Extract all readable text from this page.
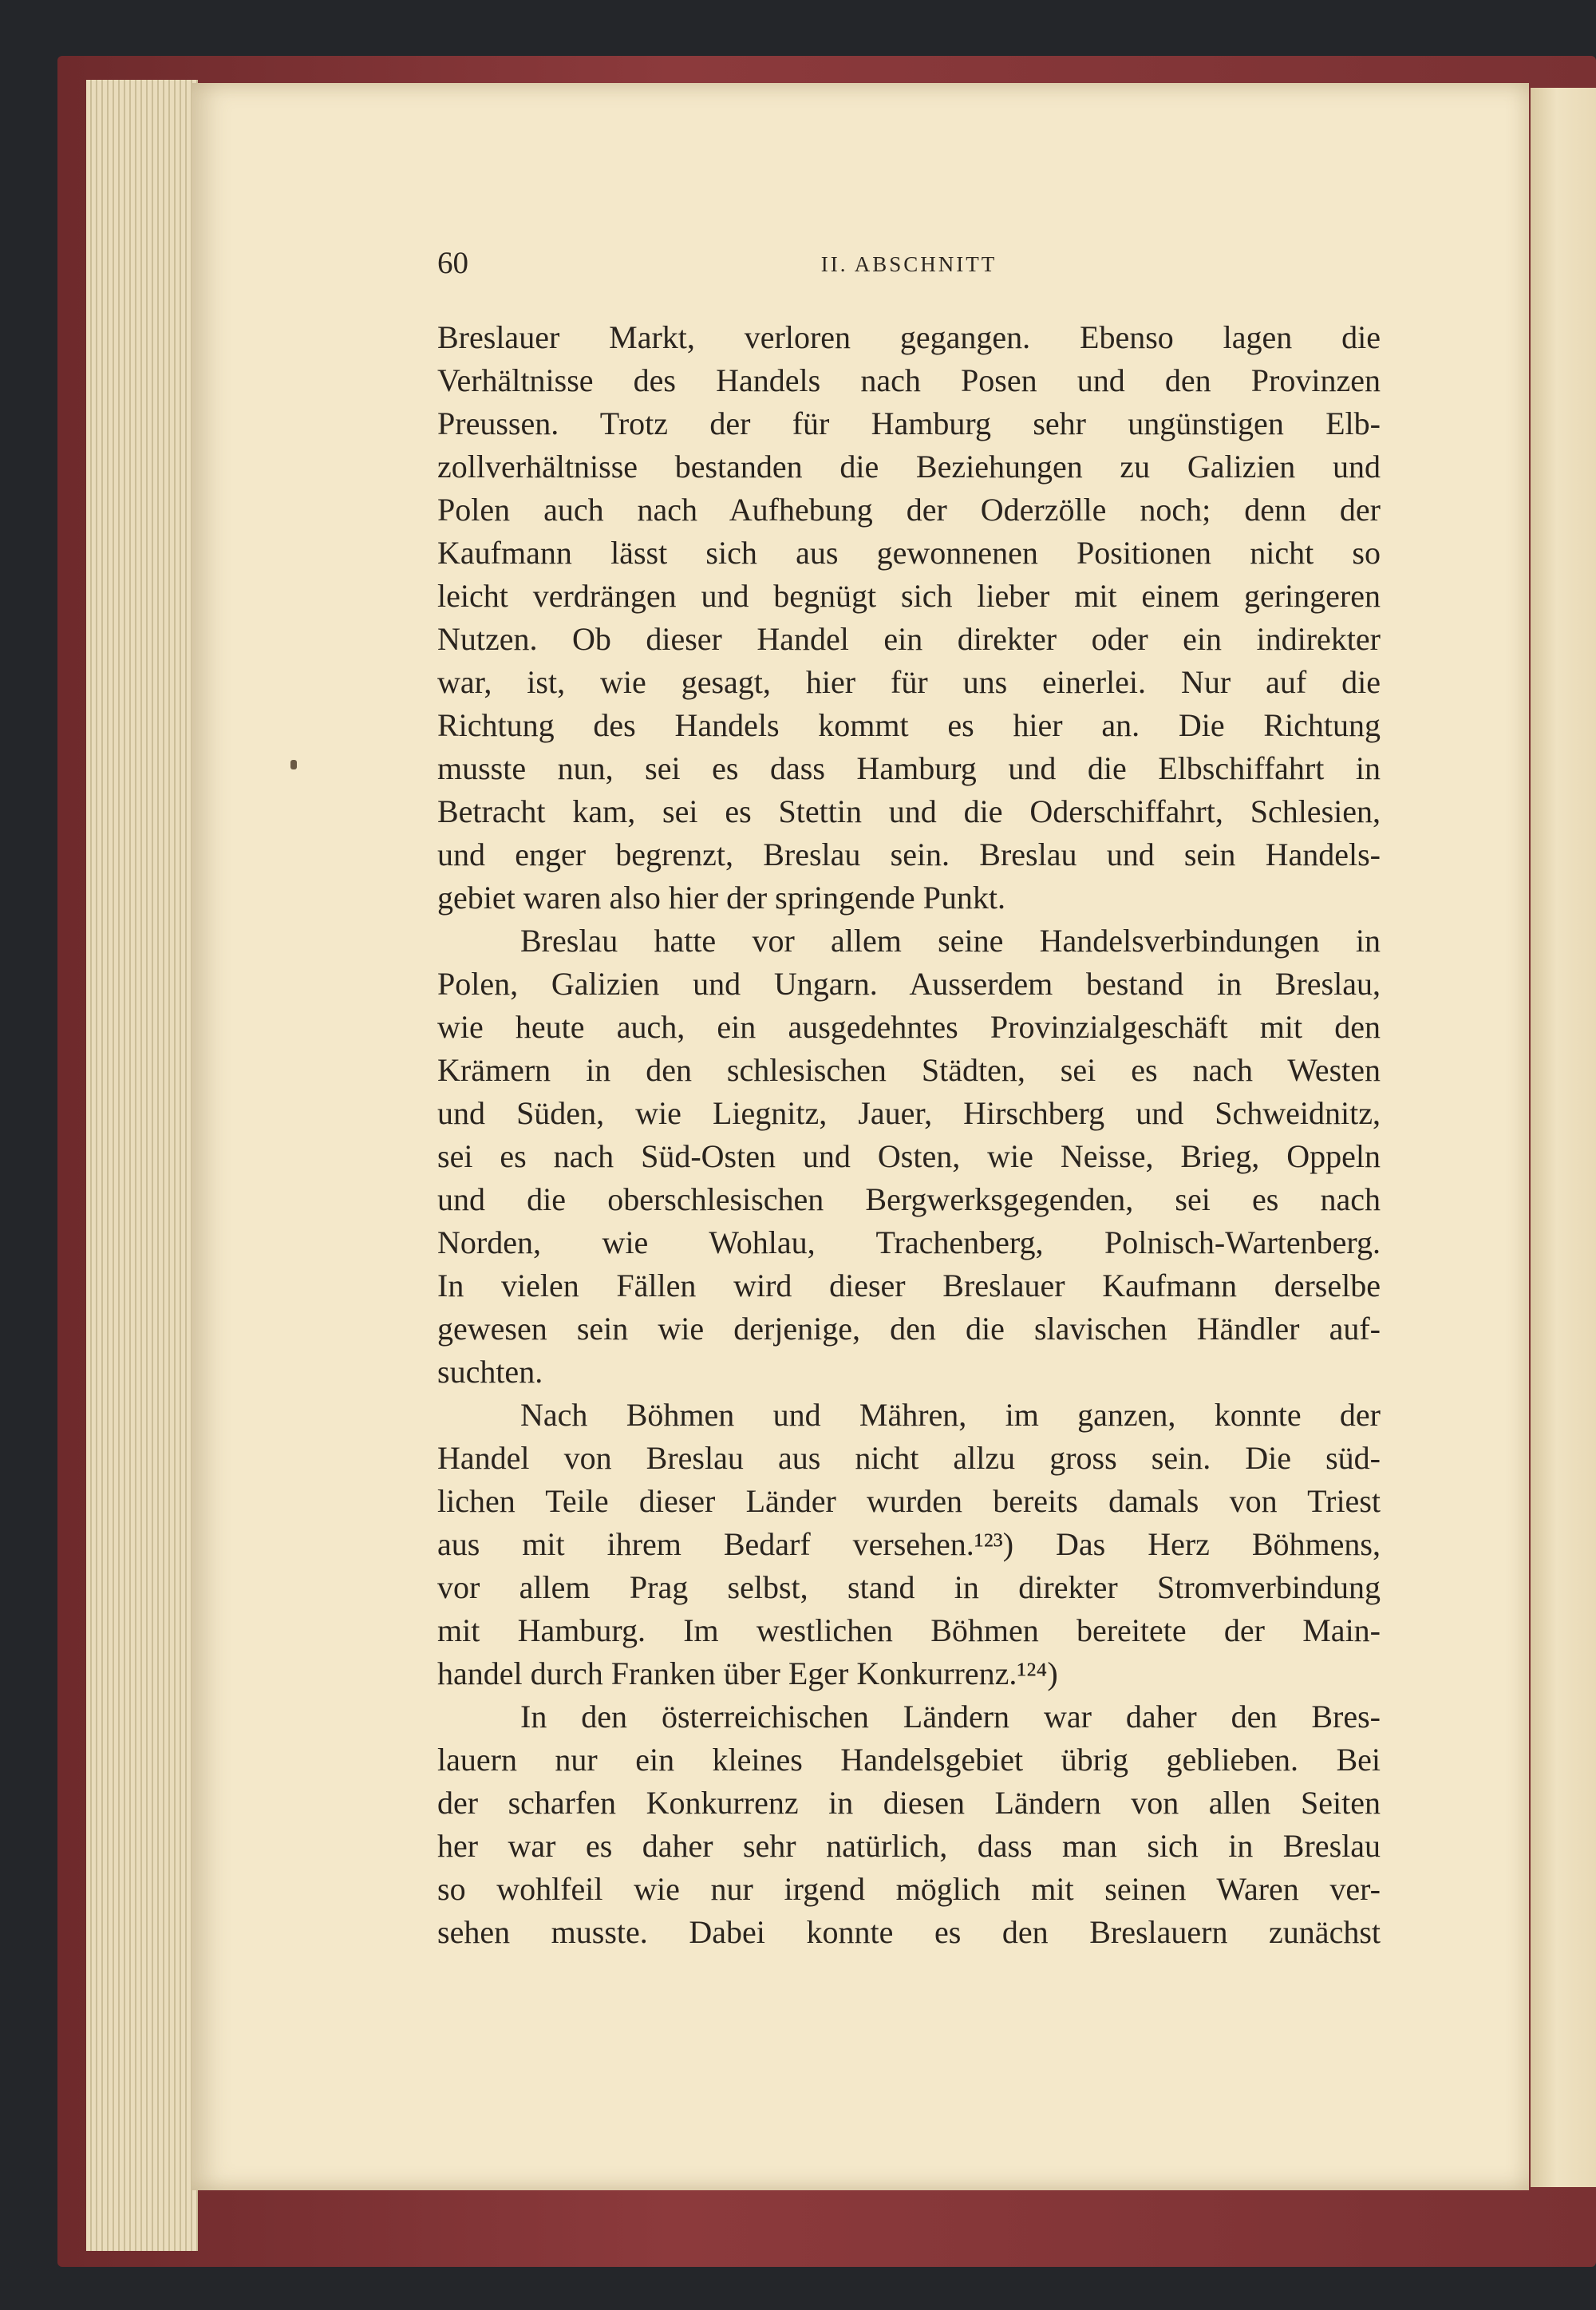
60	II. ABSCHNITT
Breslauer Markt, verloren gegangen. Ebenso lagen die
Verhältnisse des Handels nach Posen und den Provinzen
Preussen. Trotz der für Hamburg sehr ungünstigen Elb-
zollverhältnisse bestanden die Beziehungen zu Galizien und
Polen auch nach Aufhebung der Oderzölle noch; denn der
Kaufmann lässt sich aus gewonnenen Positionen nicht so
leicht verdrängen und begnügt sich lieber mit einem geringeren
Nutzen. Ob dieser Handel ein direkter oder ein indirekter
war, ist, wie gesagt, hier für uns einerlei. Nur auf die
Richtung des Handels kommt es hier an. Die Richtung
musste nun, sei es dass Hamburg und die Elbschiffahrt in
Betracht kam, sei es Stettin und die Oderschiffahrt, Schlesien,
und enger begrenzt, Breslau sein. Breslau und sein Handels-
gebiet waren also hier der springende Punkt.
Breslau hatte vor allem seine Handelsverbindungen in
Polen, Galizien und Ungarn. Ausserdem bestand in Breslau,
wie heute auch, ein ausgedehntes Provinzialgeschäft mit den
Krämern in den schlesischen Städten, sei es nach Westen
und Süden, wie Liegnitz, Jauer, Hirschberg und Schweidnitz,
sei es nach Süd-Osten und Osten, wie Neisse, Brieg, Oppeln
und die oberschlesischen Bergwerksgegenden, sei es nach
Norden, wie Wohlau, Trachenberg, Polnisch-Wartenberg.
In vielen Fällen wird dieser Breslauer Kaufmann derselbe
gewesen sein wie derjenige, den die slavischen Händler auf-
suchten.
Nach Böhmen und Mähren, im ganzen, konnte der
Handel von Breslau aus nicht allzu gross sein. Die süd-
lichen Teile dieser Länder wurden bereits damals von Triest
aus mit ihrem Bedarf versehen.¹²³) Das Herz Böhmens,
vor allem Prag selbst, stand in direkter Stromverbindung
mit Hamburg. Im westlichen Böhmen bereitete der Main-
handel durch Franken über Eger Konkurrenz.¹²⁴)
In den österreichischen Ländern war daher den Bres-
lauern nur ein kleines Handelsgebiet übrig geblieben. Bei
der scharfen Konkurrenz in diesen Ländern von allen Seiten
her war es daher sehr natürlich, dass man sich in Breslau
so wohlfeil wie nur irgend möglich mit seinen Waren ver-
sehen musste. Dabei konnte es den Breslauern zunächst
